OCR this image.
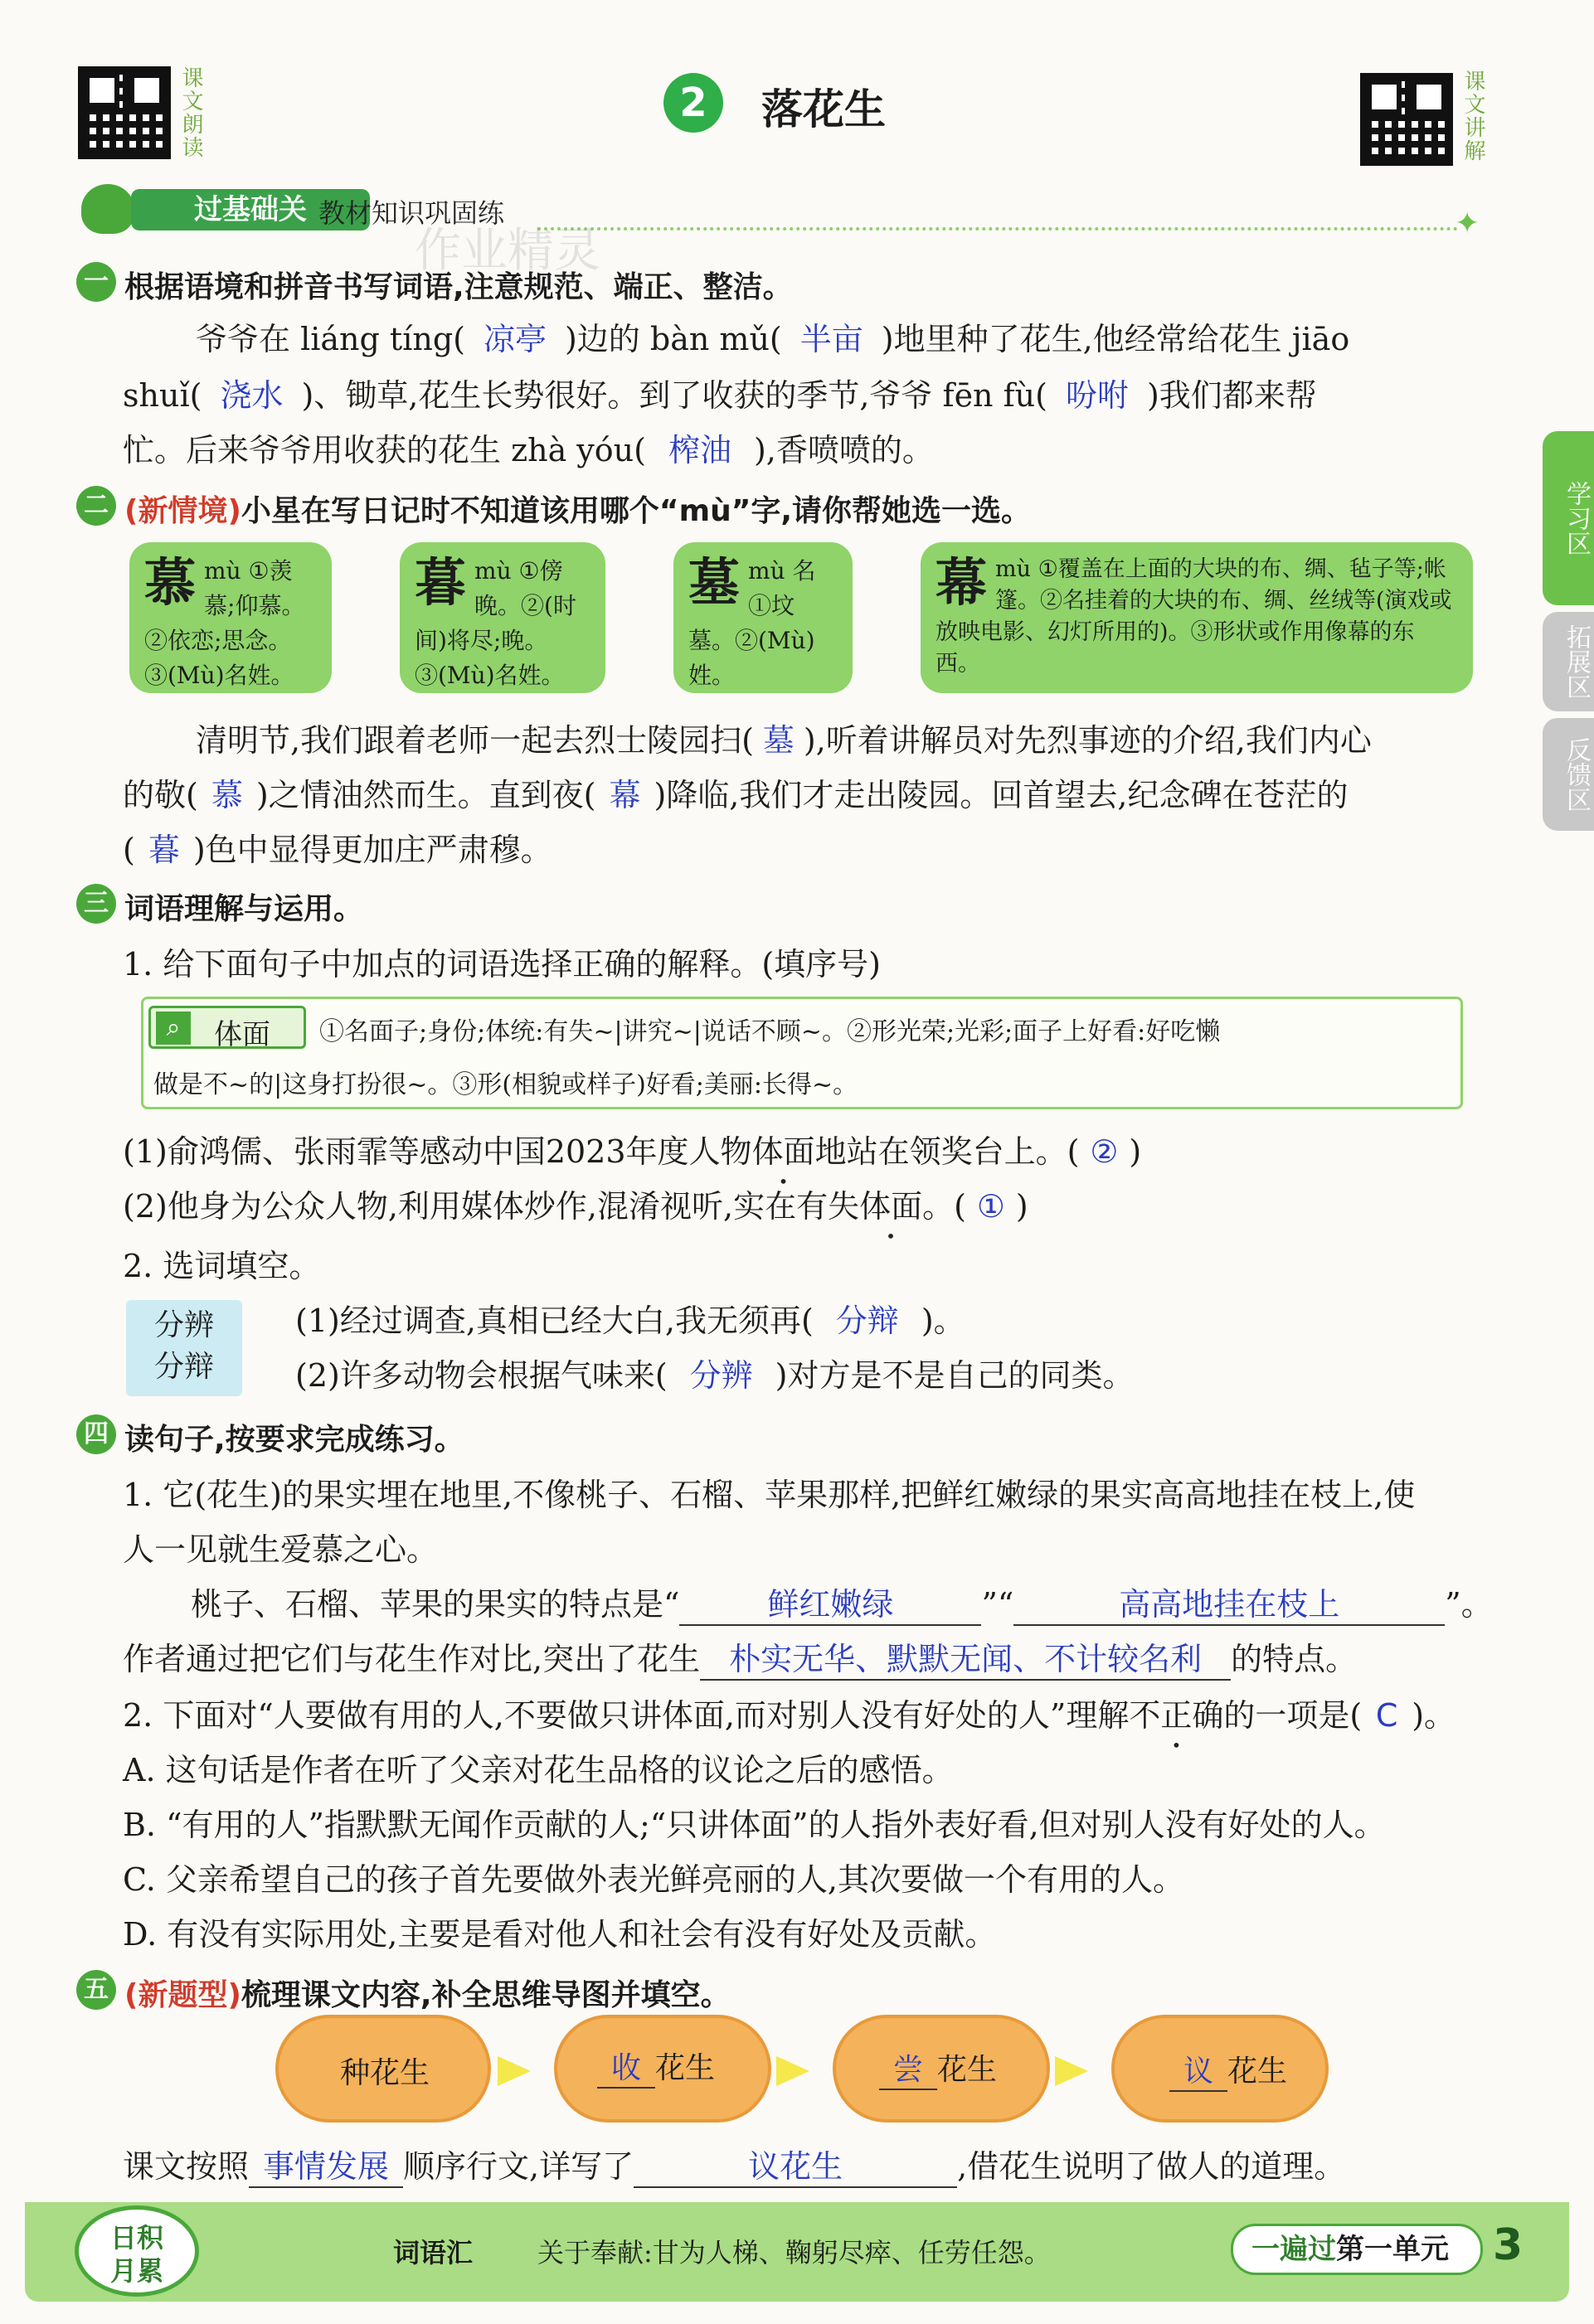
课文朗读	课文讲解
2	落花生
过基础关 教材知识巩固练	✦
作业精灵
学习区
拓展区
反馈区
一 根据语境和拼音书写词语,注意规范、端正、整洁。
爷爷在 liáng tíng( 凉亭 )边的 bàn mǔ( 半亩 )地里种了花生,他经常给花生 jiāo
shuǐ( 浇水 )、锄草,花生长势很好。到了收获的季节,爷爷 fēn fù( 吩咐 )我们都来帮
忙。后来爷爷用收获的花生 zhà yóu( 榨油 ),香喷喷的。
二 (新情境)小星在写日记时不知道该用哪个“mù”字,请你帮她选一选。
慕mù ①羡慕;仰慕。②依恋;思念。③(Mù)名姓。
暮mù ①傍晚。②(时间)将尽;晚。③(Mù)名姓。
墓mù 名 ①坟墓。②(Mù)姓。
幕mù ①覆盖在上面的大块的布、绸、毡子等;帐篷。②名挂着的大块的布、绸、丝绒等(演戏或放映电影、幻灯所用的)。③形状或作用像幕的东西。
清明节,我们跟着老师一起去烈士陵园扫( 墓 ),听着讲解员对先烈事迹的介绍,我们内心
的敬( 慕 )之情油然而生。直到夜( 幕 )降临,我们才走出陵园。回首望去,纪念碑在苍茫的
( 暮 )色中显得更加庄严肃穆。
三 词语理解与运用。
1. 给下面句子中加点的词语选择正确的解释。(填序号)
⌕	体面 ①名面子;身份;体统:有失~|讲究~|说话不顾~。②形光荣;光彩;面子上好看:好吃懒
做是不~的|这身打扮很~。③形(相貌或样子)好看;美丽:长得~。
(1)俞鸿儒、张雨霏等感动中国2023年度人物体面地站在领奖台上。( ② )
(2)他身为公众人物,利用媒体炒作,混淆视听,实在有失体面。( ① )
2. 选词填空。
分辨
分辩
(1)经过调查,真相已经大白,我无须再( 分辩 )。
(2)许多动物会根据气味来( 分辨 )对方是不是自己的同类。
四 读句子,按要求完成练习。
1. 它(花生)的果实埋在地里,不像桃子、石榴、苹果那样,把鲜红嫩绿的果实高高地挂在枝上,使
人一见就生爱慕之心。
桃子、石榴、苹果的果实的特点是“	鲜红嫩绿	”“	高高地挂在枝上	”。
作者通过把它们与花生作对比,突出了花生 朴实无华、默默无闻、不计较名利 的特点。
2. 下面对“人要做有用的人,不要做只讲体面,而对别人没有好处的人”理解不正确的一项是( C )。
A. 这句话是作者在听了父亲对花生品格的议论之后的感悟。
B. “有用的人”指默默无闻作贡献的人;“只讲体面”的人指外表好看,但对别人没有好处的人。
C. 父亲希望自己的孩子首先要做外表光鲜亮丽的人,其次要做一个有用的人。
D. 有没有实际用处,主要是看对他人和社会有没有好处及贡献。
五 (新题型)梳理课文内容,补全思维导图并填空。
种花生	收 花生	尝 花生	议 花生
课文按照 事情发展 顺序行文,详写了	议花生	,借花生说明了做人的道理。
日积
月累
词语汇 关于奉献:甘为人梯、鞠躬尽瘁、任劳任怨。	一遍过第一单元	3
